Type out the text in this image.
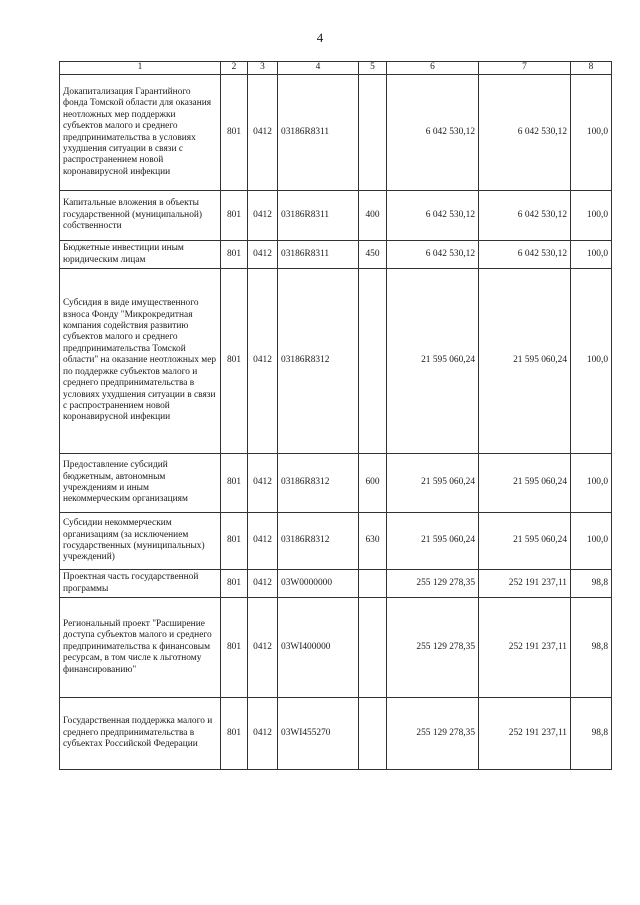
4
1	2	3	4	5	6	7	8
Докапитализация Гарантийного фонда Томской области для оказания неотложных мер поддержки субъектов малого и среднего предпринимательства в условиях ухудшения ситуации в связи с распространением новой коронавирусной инфекции	801	0412	03186R8311		6 042 530,12	6 042 530,12	100,0
Капитальные вложения в объекты государственной (муниципальной) собственности	801	0412	03186R8311	400	6 042 530,12	6 042 530,12	100,0
Бюджетные инвестиции иным юридическим лицам	801	0412	03186R8311	450	6 042 530,12	6 042 530,12	100,0
Субсидия в виде имущественного взноса Фонду "Микрокредитная компания содействия развитию субъектов малого и среднего предпринимательства Томской области" на оказание неотложных мер по поддержке субъектов малого и среднего предпринимательства в условиях ухудшения ситуации в связи с распространением новой коронавирусной инфекции	801	0412	03186R8312		21 595 060,24	21 595 060,24	100,0
Предоставление субсидий бюджетным, автономным учреждениям и иным некоммерческим организациям	801	0412	03186R8312	600	21 595 060,24	21 595 060,24	100,0
Субсидии некоммерческим организациям (за исключением государственных (муниципальных) учреждений)	801	0412	03186R8312	630	21 595 060,24	21 595 060,24	100,0
Проектная часть государственной программы	801	0412	03W0000000		255 129 278,35	252 191 237,11	98,8
Региональный проект "Расширение доступа субъектов малого и среднего предпринимательства к финансовым ресурсам, в том числе к льготному финансированию"	801	0412	03WI400000		255 129 278,35	252 191 237,11	98,8
Государственная поддержка малого и среднего предпринимательства в субъектах Российской Федерации	801	0412	03WI455270		255 129 278,35	252 191 237,11	98,8
